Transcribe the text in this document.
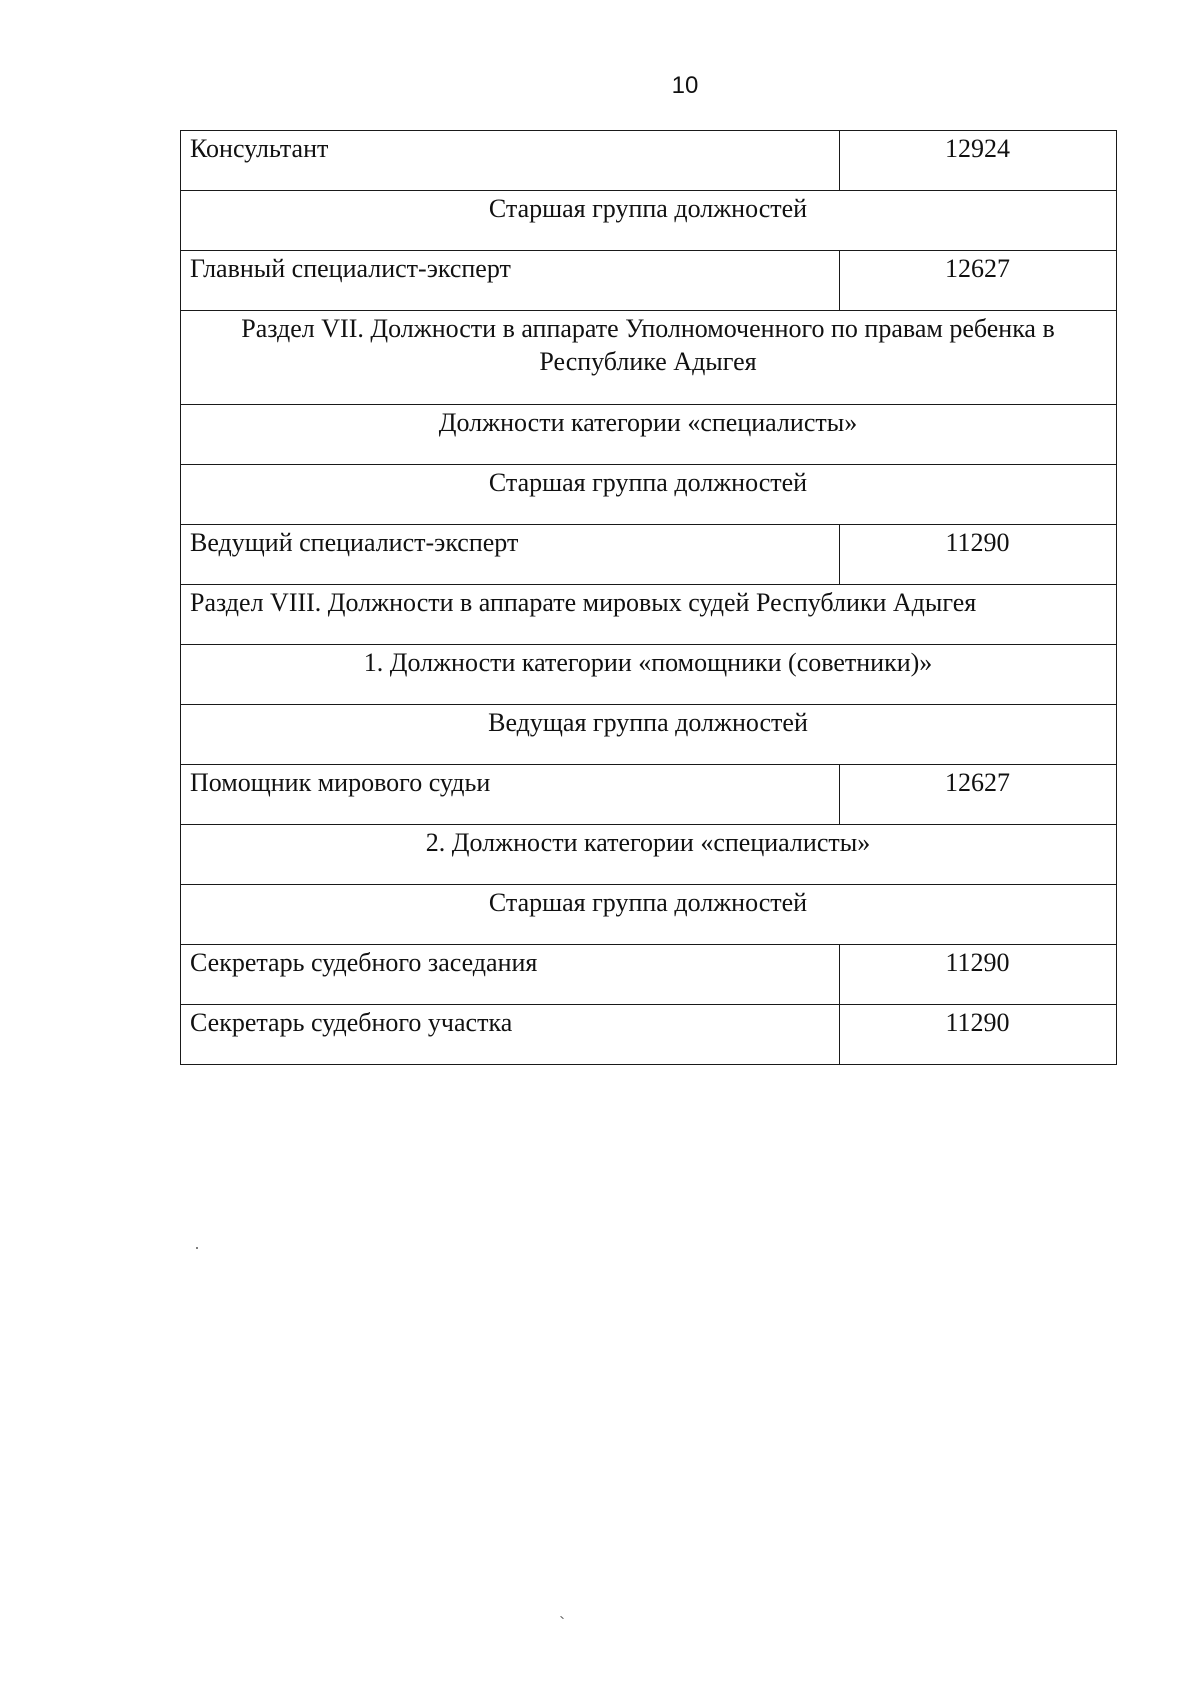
10
Консультант	12924
Старшая группа должностей	
Главный специалист-эксперт	12627
Раздел VII. Должности в аппарате Уполномоченного по правам ребенка в Республике Адыгея	
Должности категории «специалисты»	
Старшая группа должностей	
Ведущий специалист-эксперт	11290
Раздел VIII. Должности в аппарате мировых судей Республики Адыгея	
1. Должности категории «помощники (советники)»	
Ведущая группа должностей	
Помощник мирового судьи	12627
2. Должности категории «специалисты»	
Старшая группа должностей	
Секретарь судебного заседания	11290
Секретарь судебного участка	11290
